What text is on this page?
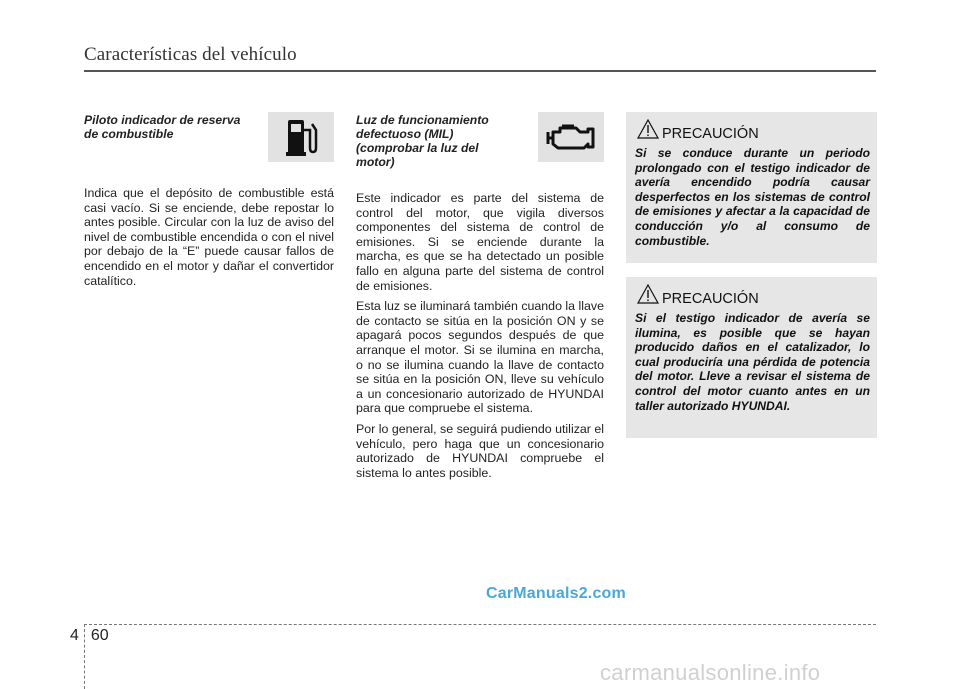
Características del vehículo
Piloto indicador de reserva
de combustible

Indica que el depósito de combustible está casi vacío. Si se enciende, debe repostar lo antes posible. Circular con la luz de aviso del nivel de combustible encendida o con el nivel por debajo de la “E” puede causar fallos de encendido en el motor y dañar el convertidor catalítico.

Luz de funcionamiento
defectuoso (MIL)
(comprobar la luz del
motor)

Este indicador es parte del sistema de control del motor, que vigila diversos componentes del sistema de control de emisiones. Si se enciende durante la marcha, es que se ha detectado un posible fallo en alguna parte del sistema de control de emisiones.

Esta luz se iluminará también cuando la llave de contacto se sitúa en la posición ON y se apagará pocos segundos después de que arranque el motor. Si se ilumina en marcha, o no se ilumina cuando la llave de contacto se sitúa en la posición ON, lleve su vehículo a un concesionario autorizado de HYUNDAI para que compruebe el sistema.

Por lo general, se seguirá pudiendo utilizar el vehículo, pero haga que un concesionario autorizado de HYUNDAI compruebe el sistema lo antes posible.

PRECAUCIÓN
Si se conduce durante un periodo prolongado con el testigo indicador de avería encendido podría causar desperfectos en los sistemas de control de emisiones y afectar a la capacidad de conducción y/o al consumo de combustible.
PRECAUCIÓN
Si el testigo indicador de avería se ilumina, es posible que se hayan producido daños en el catalizador, lo cual produciría una pérdida de potencia del motor. Lleve a revisar el sistema de control del motor cuanto antes en un taller autorizado HYUNDAI.
CarManuals2.com
4 60
carmanualsonline.info
